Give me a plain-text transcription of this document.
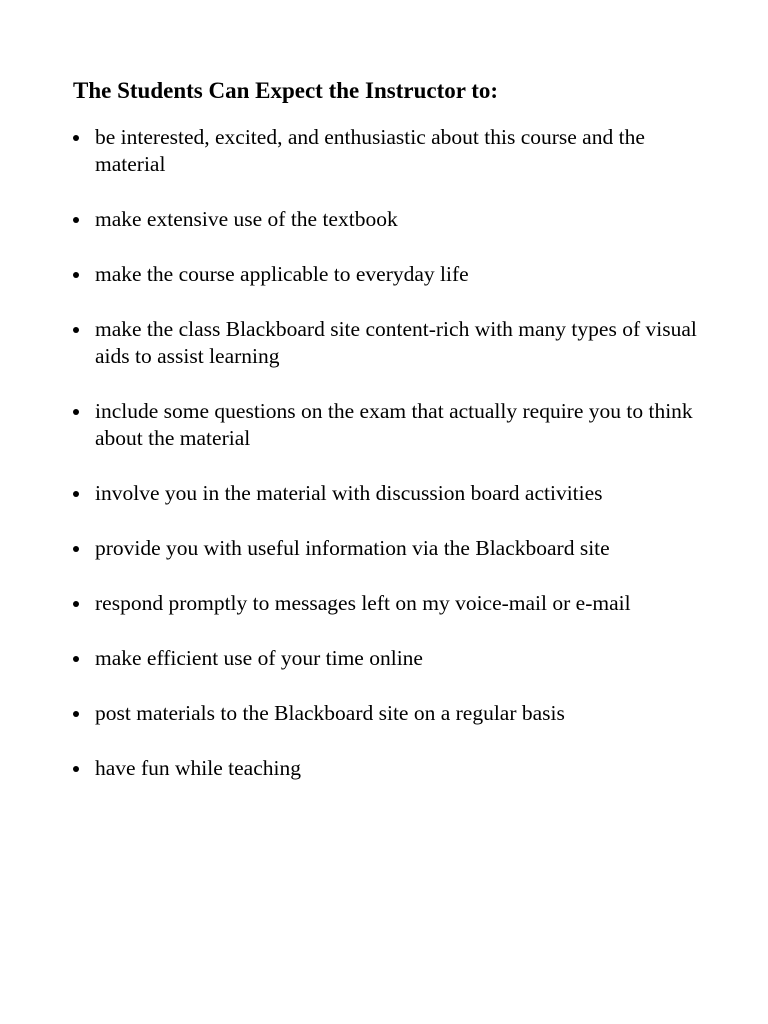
The Students Can Expect the Instructor to:
be interested, excited, and enthusiastic about this course and the material
make extensive use of the textbook
make the course applicable to everyday life
make the class Blackboard site content-rich with many types of visual aids to assist learning
include some questions on the exam that actually require you to think about the material
involve you in the material with discussion board activities
provide you with useful information via the Blackboard site
respond promptly to messages left on my voice-mail or e-mail
make efficient use of your time online
post materials to the Blackboard site on a regular basis
have fun while teaching
